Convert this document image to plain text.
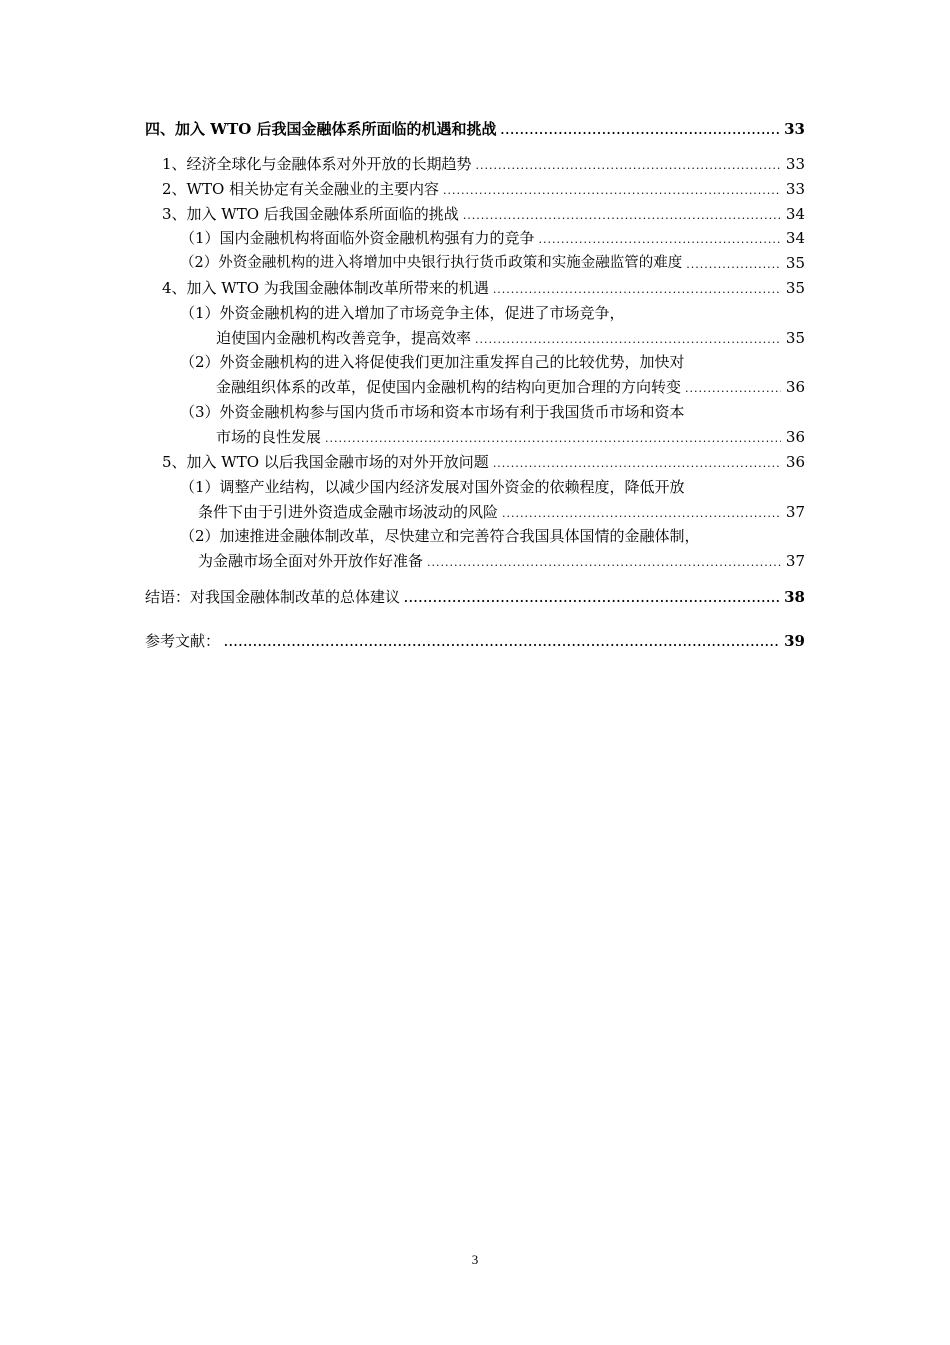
四、加入 WTO 后我国金融体系所面临的机遇和挑战 .....	33
1、经济全球化与金融体系对外开放的长期趋势 .....	33
2、WTO 相关协定有关金融业的主要内容 .....	33
3、加入 WTO 后我国金融体系所面临的挑战 .....	34
（1）国内金融机构将面临外资金融机构强有力的竞争 .....	34
（2）外资金融机构的进入将增加中央银行执行货币政策和实施金融监管的难度 .....	35
4、加入 WTO 为我国金融体制改革所带来的机遇 .....	35
（1）外资金融机构的进入增加了市场竞争主体，促进了市场竞争，
迫使国内金融机构改善竞争，提高效率 .....	35
（2）外资金融机构的进入将促使我们更加注重发挥自己的比较优势，加快对
金融组织体系的改革，促使国内金融机构的结构向更加合理的方向转变 .....	36
（3）外资金融机构参与国内货币市场和资本市场有利于我国货币市场和资本
市场的良性发展 .....	36
5、加入 WTO 以后我国金融市场的对外开放问题 .....	36
（1）调整产业结构，以减少国内经济发展对国外资金的依赖程度，降低开放
条件下由于引进外资造成金融市场波动的风险 .....	37
（2）加速推进金融体制改革，尽快建立和完善符合我国具体国情的金融体制，
为金融市场全面对外开放作好准备 .....	37
结语：对我国金融体制改革的总体建议 .....	38
参考文献： .....	39
3
